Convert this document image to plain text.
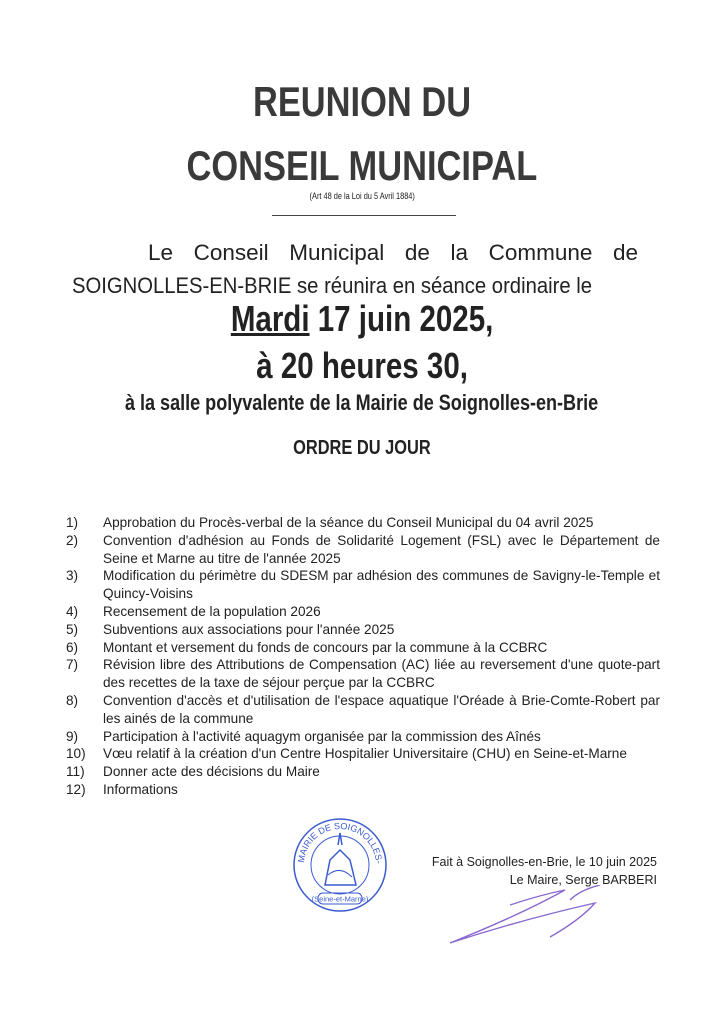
REUNION DU
CONSEIL MUNICIPAL
(Art 48 de la Loi du 5 Avril 1884)
Le Conseil Municipal de la Commune de
SOIGNOLLES-EN-BRIE se réunira en séance ordinaire le
Mardi 17 juin 2025,
à 20 heures 30,
à la salle polyvalente de la Mairie de Soignolles-en-Brie
ORDRE DU JOUR
1)	Approbation du Procès-verbal de la séance du Conseil Municipal du 04 avril 2025
2)	Convention d'adhésion au Fonds de Solidarité Logement (FSL) avec le Département de Seine et Marne au titre de l'année 2025
3)	Modification du périmètre du SDESM par adhésion des communes de Savigny-le-Temple et Quincy-Voisins
4)	Recensement de la population 2026
5)	Subventions aux associations pour l'année 2025
6)	Montant et versement du fonds de concours par la commune à la CCBRC
7)	Révision libre des Attributions de Compensation (AC) liée au reversement d'une quote-part des recettes de la taxe de séjour perçue par la CCBRC
8)	Convention d'accès et d'utilisation de l'espace aquatique l'Oréade à Brie-Comte-Robert par les ainés de la commune
9)	Participation à l'activité aquagym organisée par la commission des Aînés
10)	Vœu relatif à la création d'un Centre Hospitalier Universitaire (CHU) en Seine-et-Marne
11)	Donner acte des décisions du Maire
12)	Informations
MAIRIE DE SOIGNOLLES-
(Seine-et-Marne)
Fait à Soignolles-en-Brie, le 10 juin 2025
Le Maire, Serge BARBERI
